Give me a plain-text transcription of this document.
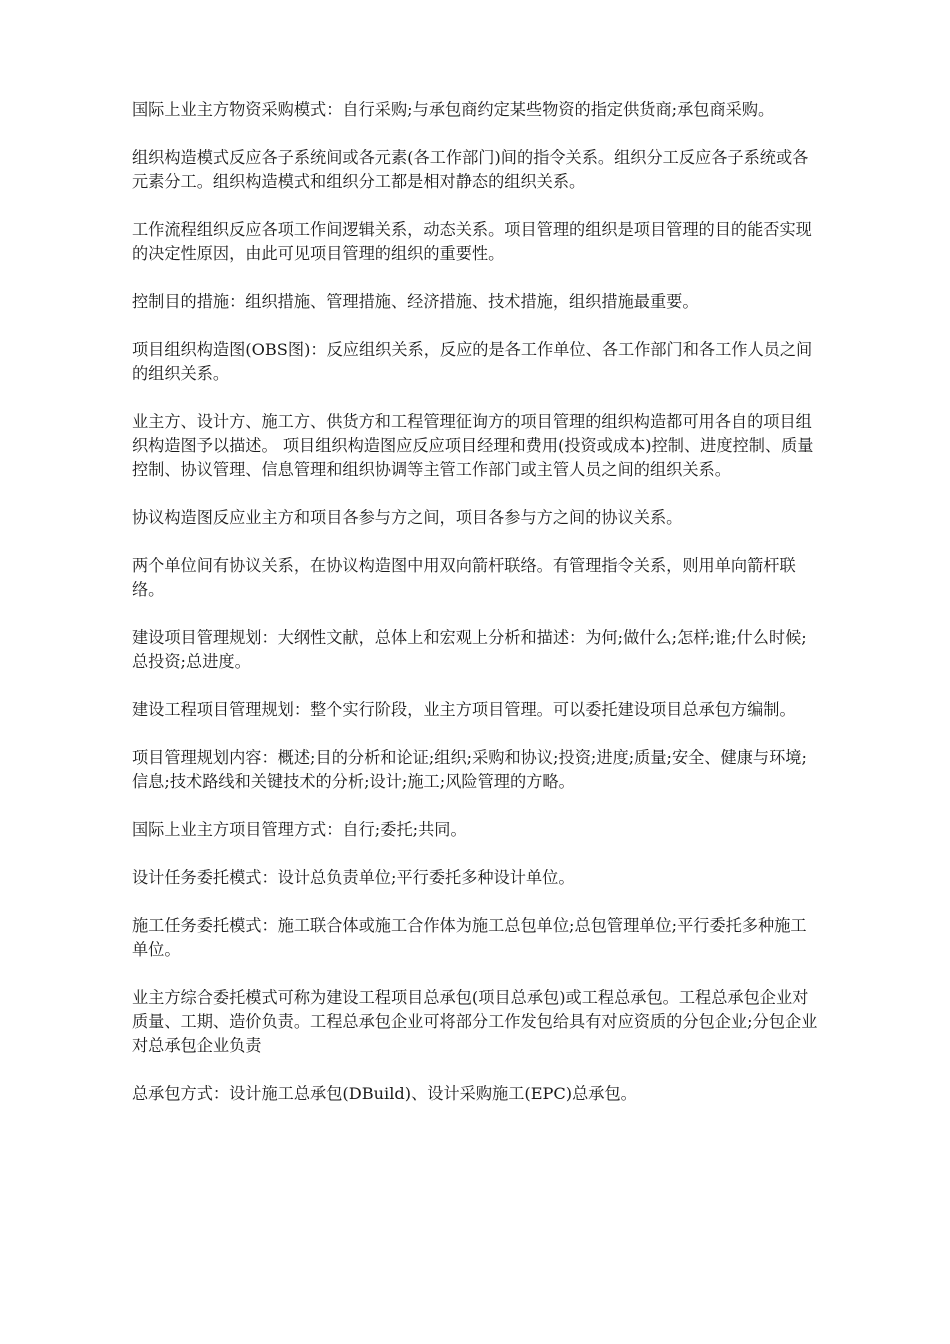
国际上业主方物资采购模式：自行采购;与承包商约定某些物资的指定供货商;承包商采购。

组织构造模式反应各子系统间或各元素(各工作部门)间的指令关系。组织分工反应各子系统或各元素分工。组织构造模式和组织分工都是相对静态的组织关系。

工作流程组织反应各项工作间逻辑关系，动态关系。项目管理的组织是项目管理的目的能否实现的决定性原因，由此可见项目管理的组织的重要性。

控制目的措施：组织措施、管理措施、经济措施、技术措施，组织措施最重要。

项目组织构造图(OBS图)：反应组织关系，反应的是各工作单位、各工作部门和各工作人员之间的组织关系。

业主方、设计方、施工方、供货方和工程管理征询方的项目管理的组织构造都可用各自的项目组织构造图予以描述。 项目组织构造图应反应项目经理和费用(投资或成本)控制、进度控制、质量控制、协议管理、信息管理和组织协调等主管工作部门或主管人员之间的组织关系。

协议构造图反应业主方和项目各参与方之间，项目各参与方之间的协议关系。

两个单位间有协议关系，在协议构造图中用双向箭杆联络。有管理指令关系，则用单向箭杆联络。

建设项目管理规划：大纲性文献，总体上和宏观上分析和描述：为何;做什么;怎样;谁;什么时候;总投资;总进度。

建设工程项目管理规划：整个实行阶段，业主方项目管理。可以委托建设项目总承包方编制。

项目管理规划内容：概述;目的分析和论证;组织;采购和协议;投资;进度;质量;安全、健康与环境;信息;技术路线和关键技术的分析;设计;施工;风险管理的方略。

国际上业主方项目管理方式：自行;委托;共同。

设计任务委托模式：设计总负责单位;平行委托多种设计单位。

施工任务委托模式：施工联合体或施工合作体为施工总包单位;总包管理单位;平行委托多种施工单位。

业主方综合委托模式可称为建设工程项目总承包(项目总承包)或工程总承包。工程总承包企业对质量、工期、造价负责。工程总承包企业可将部分工作发包给具有对应资质的分包企业;分包企业对总承包企业负责

总承包方式：设计施工总承包(DBuild)、设计采购施工(EPC)总承包。
